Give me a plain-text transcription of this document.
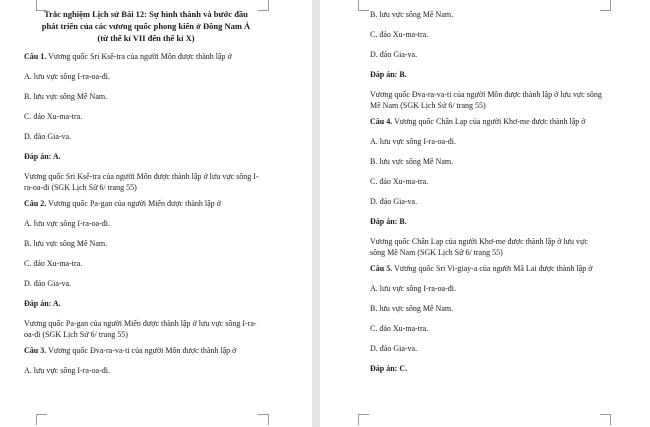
Trắc nghiệm Lịch sử Bài 12: Sự hình thành và bước đầu
phát triển của các vương quốc phong kiến ở Đông Nam Á
(từ thế kỉ VII đến thế kỉ X)
Câu 1. Vương quốc Sri Ksê-tra của người Môn được thành lập ở
A. lưu vực sông I-ra-oa-đi.
B. lưu vực sông Mê Nam.
C. đảo Xu-ma-tra.
D. đảo Gia-va.
Đáp án: A.
Vương quốc Sri Ksê-tra của người Môn được thành lập ở lưu vực sông I-
ra-oa-đi (SGK Lịch Sử 6/ trang 55)
Câu 2. Vương quốc Pa-gan của người Miến được thành lập ở
A. lưu vực sông I-ra-oa-đi.
B. lưu vực sông Mê Nam.
C. đảo Xu-ma-tra.
D. đảo Gia-va.
Đáp án: A.
Vương quốc Pa-gan của người Miến được thành lập ở lưu vực sông I-ra-
oa-đi (SGK Lịch Sử 6/ trang 55)
Câu 3. Vương quốc Đva-ra-va-ti của người Môn được thành lập ở
A. lưu vực sông I-ra-oa-đi.
B. lưu vực sông Mê Nam.
C. đảo Xu-ma-tra.
D. đảo Gia-va.
Đáp án: B.
Vương quốc Đva-ra-va-ti của người Môn được thành lập ở lưu vực sông
Mê Nam (SGK Lịch Sử 6/ trang 55)
Câu 4. Vương quốc Chân Lạp của người Khơ-me được thành lập ở
A. lưu vực sông I-ra-oa-đi.
B. lưu vực sông Mê Nam.
C. đảo Xu-ma-tra.
D. đảo Gia-va.
Đáp án: B.
Vương quốc Chân Lạp của người Khơ-me được thành lập ở lưu vực
sông Mê Nam (SGK Lịch Sử 6/ trang 55)
Câu 5. Vương quốc Sri Vi-giay-a của người Mã Lai được thành lập ở
A. lưu vực sông I-ra-oa-đi.
B. lưu vực sông Mê Nam.
C. đảo Xu-ma-tra.
D. đảo Gia-va.
Đáp án: C.
